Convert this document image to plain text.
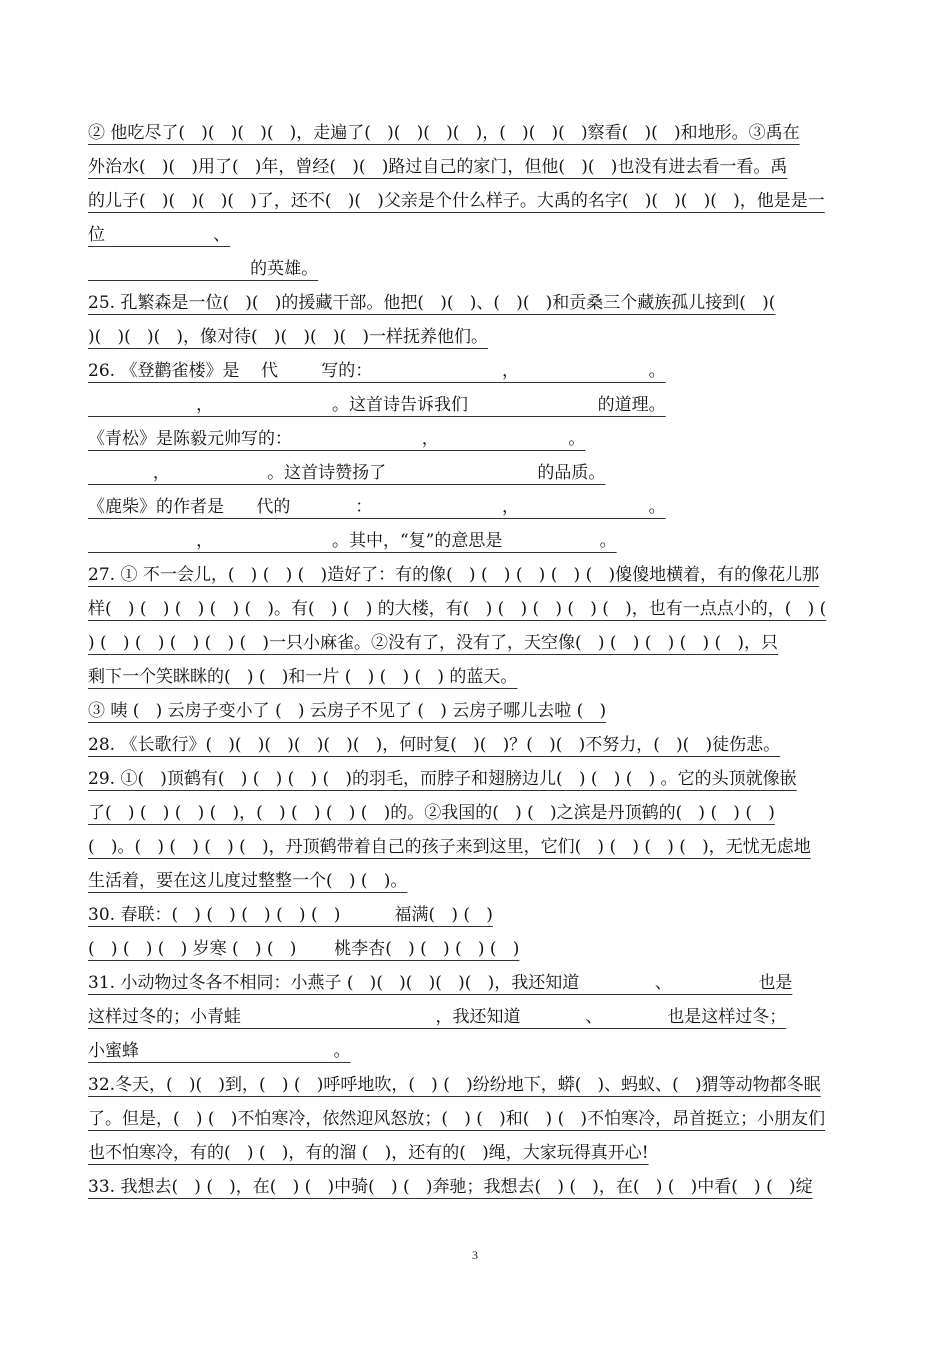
② 他吃尽了(   )(   )(   )(   )，走遍了(   )(   )(   )(   )，(   )(   )(   )察看(   )(   )和地形。③禹在
外治水(   )(   )用了(   )年，曾经(   )(   )路过自己的家门，但他(   )(   )也没有进去看一看。禹
的儿子(   )(   )(   )(   )了，还不(   )(   )父亲是个什么样子。大禹的名字(   )(   )(   )(   )，他是是一
位                    、
的英雄。
25. 孔繁森是一位(   )(   )的援藏干部。他把(   )(   )、(   )(   )和贡桑三个藏族孤儿接到(   )(
)(   )(   )(   )，像对待(   )(   )(   )(   )一样抚养他们。
26. 《登鹳雀楼》是    代        写的：                        ，                        。
，                      。这首诗告诉我们                        的道理。
《青松》是陈毅元帅写的：                        ，                        。
，                  。这首诗赞扬了                            的品质。
《鹿柴》的作者是      代的            ：                        ，                        。
，                      。其中，“复”的意思是                  。
27. ① 不一会儿，(   ) (   ) (   )造好了：有的像(   ) (   ) (   ) (   ) (   )傻傻地横着，有的像花儿那
样(   ) (   ) (   ) (   ) (   )。有(   ) (   ) 的大楼，有(   ) (   ) (   ) (   ) (   )，也有一点点小的，(   ) (
) (   ) (   ) (   ) (   ) (   )一只小麻雀。②没有了，没有了，天空像(   ) (   ) (   ) (   ) (   )，只
剩下一个笑眯眯的(   ) (   )和一片 (   ) (   ) (   ) 的蓝天。
③ 咦 (   ) 云房子变小了 (   ) 云房子不见了 (   ) 云房子哪儿去啦 (   )
28. 《长歌行》(   )(   )(   )(   )(   )(   )，何时复(   )(   )？(   )(   )不努力，(   )(   )徒伤悲。
29. ①(   )顶鹤有(   ) (   ) (   ) (   )的羽毛，而脖子和翅膀边儿(   ) (   ) (   ) 。它的头顶就像嵌
了(   ) (   ) (   ) (   )，(   ) (   ) (   ) (   )的。②我国的(   ) (   )之滨是丹顶鹤的(   ) (   ) (   )
(   )。(   ) (   ) (   ) (   )，丹顶鹤带着自己的孩子来到这里，它们(   ) (   ) (   ) (   )，无忧无虑地
生活着，要在这儿度过整整一个(   ) (   )。
30. 春联：(   ) (   ) (   ) (   ) (   )          福满(   ) (   )
(   ) (   ) (   ) 岁寒 (   ) (   )       桃李杏(   ) (   ) (   ) (   )
31. 小动物过冬各不相同：小燕子 (   )(   )(   )(   )(   )，我还知道              、                也是
这样过冬的；小青蛙                                    ，我还知道            、            也是这样过冬；
小蜜蜂                                    。
32.冬天，(   )(   )到，(   ) (   )呼呼地吹，(   ) (   )纷纷地下，蟒(   )、蚂蚁、(   )猬等动物都冬眠
了。但是，(   ) (   )不怕寒冷，依然迎风怒放；(   ) (   )和(   ) (   )不怕寒冷，昂首挺立；小朋友们
也不怕寒冷，有的(   ) (   )，有的溜 (   )，还有的(   )绳，大家玩得真开心!
33. 我想去(   ) (   )，在(   ) (   )中骑(   ) (   )奔驰；我想去(   ) (   )，在(   ) (   )中看(   ) (   )绽
3
